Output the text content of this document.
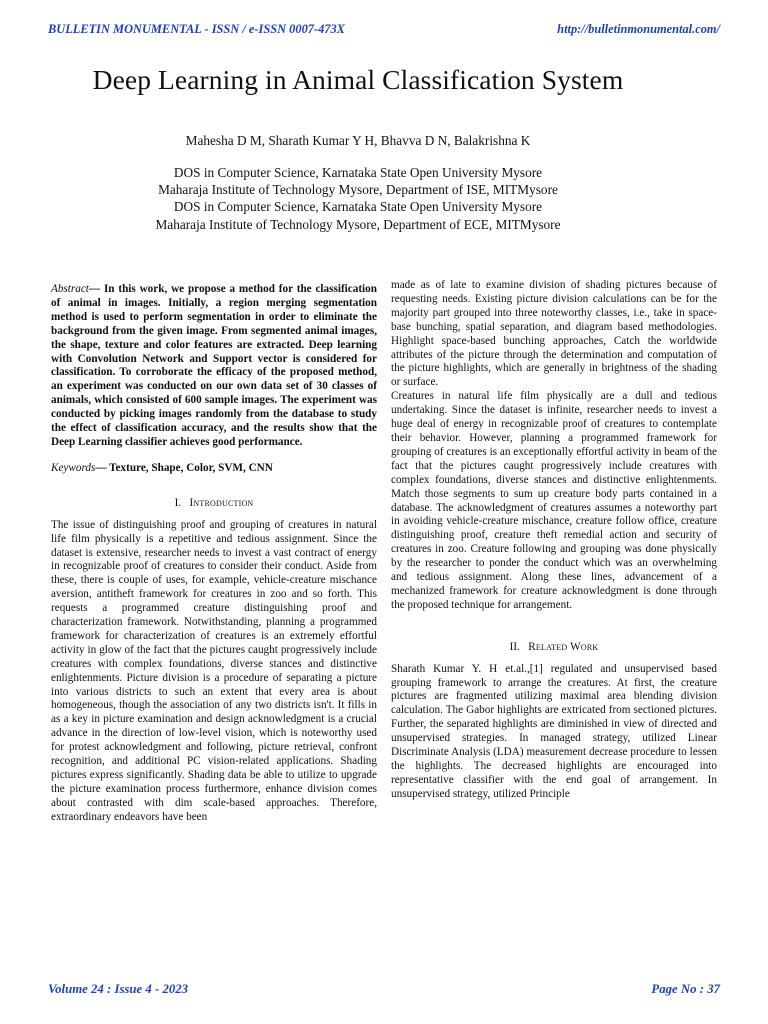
BULLETIN MONUMENTAL - ISSN / e-ISSN 0007-473X	http://bulletinmonumental.com/
Deep Learning in Animal Classification System
Mahesha D M, Sharath Kumar Y H, Bhavva D N, Balakrishna K
DOS in Computer Science, Karnataka State Open University Mysore
Maharaja Institute of Technology Mysore, Department of ISE, MITMysore
DOS in Computer Science, Karnataka State Open University Mysore
Maharaja Institute of Technology Mysore, Department of ECE, MITMysore

Abstract— In this work, we propose a method for the classification of animal in images. Initially, a region merging segmentation method is used to perform segmentation in order to eliminate the background from the given image. From segmented animal images, the shape, texture and color features are extracted. Deep learning with Convolution Network and Support vector is considered for classification. To corroborate the efficacy of the proposed method, an experiment was conducted on our own data set of 30 classes of animals, which consisted of 600 sample images. The experiment was conducted by picking images randomly from the database to study the effect of classification accuracy, and the results show that the Deep Learning classifier achieves good performance.

Keywords— Texture, Shape, Color, SVM, CNN

I. Introduction

The issue of distinguishing proof and grouping of creatures in natural life film physically is a repetitive and tedious assignment. Since the dataset is extensive, researcher needs to invest a vast contract of energy in recognizable proof of creatures to consider their conduct. Aside from these, there is couple of uses, for example, vehicle-creature mischance aversion, antitheft framework for creatures in zoo and so forth. This requests a programmed creature distinguishing proof and characterization framework. Notwithstanding, planning a programmed framework for characterization of creatures is an extremely effortful activity in glow of the fact that the pictures caught progressively include creatures with complex foundations, diverse stances and distinctive enlightenments. Picture division is a procedure of separating a picture into various districts to such an extent that every area is about homogeneous, though the association of any two districts isn't. It fills in as a key in picture examination and design acknowledgment is a crucial advance in the direction of low-level vision, which is noteworthy used for protest acknowledgment and following, picture retrieval, confront recognition, and additional PC vision-related applications. Shading pictures express significantly. Shading data be able to utilize to upgrade the picture examination process furthermore, enhance division comes about contrasted with dim scale-based approaches. Therefore, extraordinary endeavors have been

made as of late to examine division of shading pictures because of requesting needs. Existing picture division calculations can be for the majority part grouped into three noteworthy classes, i.e., take in space-base bunching, spatial separation, and diagram based methodologies. Highlight space-based bunching approaches, Catch the worldwide attributes of the picture through the determination and computation of the picture highlights, which are generally in brightness of the shading or surface.

Creatures in natural life film physically are a dull and tedious undertaking. Since the dataset is infinite, researcher needs to invest a huge deal of energy in recognizable proof of creatures to contemplate their behavior. However, planning a programmed framework for grouping of creatures is an exceptionally effortful activity in beam of the fact that the pictures caught progressively include creatures with complex foundations, diverse stances and distinctive enlightenments. Match those segments to sum up creature body parts contained in a database. The acknowledgment of creatures assumes a noteworthy part in avoiding vehicle-creature mischance, creature follow office, creature distinguishing proof, creature theft remedial action and security of creatures in zoo. Creature following and grouping was done physically by the researcher to ponder the conduct which was an overwhelming and tedious assignment. Along these lines, advancement of a mechanized framework for creature acknowledgment is done through the proposed technique for arrangement.

II. Related Work

Sharath Kumar Y. H et.al.,[1] regulated and unsupervised based grouping framework to arrange the creatures. At first, the creature pictures are fragmented utilizing maximal area blending division calculation. The Gabor highlights are extricated from sectioned pictures. Further, the separated highlights are diminished in view of directed and unsupervised strategies. In managed strategy, utilized Linear Discriminate Analysis (LDA) measurement decrease procedure to lessen the highlights. The decreased highlights are encouraged into representative classifier with the end goal of arrangement. In unsupervised strategy, utilized Principle

Volume 24 : Issue 4 - 2023	Page No : 37
